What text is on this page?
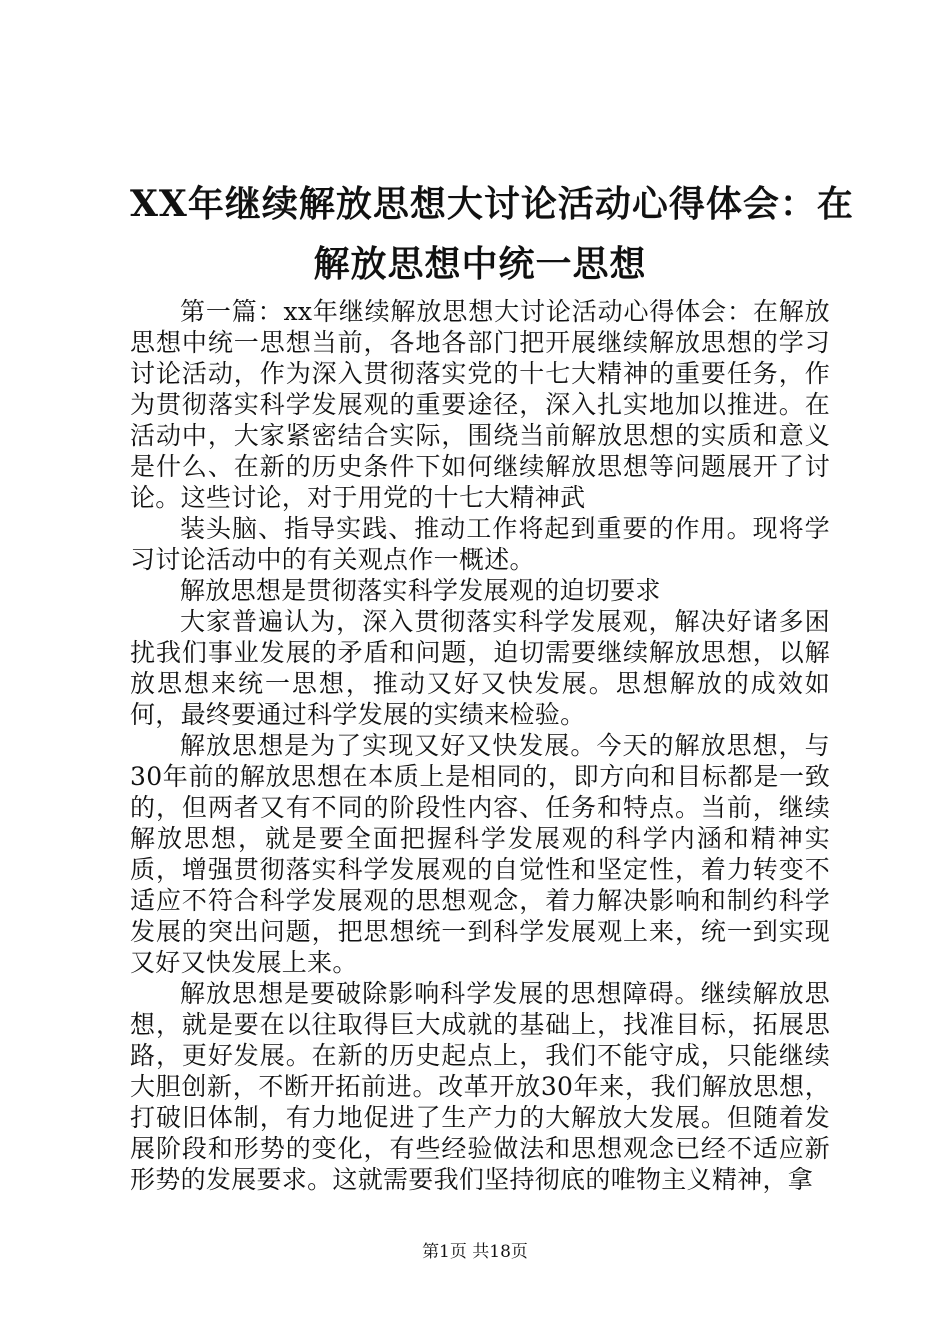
XX年继续解放思想大讨论活动心得体会：在
解放思想中统一思想

第一篇：xx年继续解放思想大讨论活动心得体会：在解放思想中统一思想当前，各地各部门把开展继续解放思想的学习讨论活动，作为深入贯彻落实党的十七大精神的重要任务，作为贯彻落实科学发展观的重要途径，深入扎实地加以推进。在活动中，大家紧密结合实际，围绕当前解放思想的实质和意义是什么、在新的历史条件下如何继续解放思想等问题展开了讨论。这些讨论，对于用党的十七大精神武

装头脑、指导实践、推动工作将起到重要的作用。现将学习讨论活动中的有关观点作一概述。

解放思想是贯彻落实科学发展观的迫切要求

大家普遍认为，深入贯彻落实科学发展观，解决好诸多困扰我们事业发展的矛盾和问题，迫切需要继续解放思想，以解放思想来统一思想，推动又好又快发展。思想解放的成效如何，最终要通过科学发展的实绩来检验。

解放思想是为了实现又好又快发展。今天的解放思想，与30年前的解放思想在本质上是相同的，即方向和目标都是一致的，但两者又有不同的阶段性内容、任务和特点。当前，继续解放思想，就是要全面把握科学发展观的科学内涵和精神实质，增强贯彻落实科学发展观的自觉性和坚定性，着力转变不适应不符合科学发展观的思想观念，着力解决影响和制约科学发展的突出问题，把思想统一到科学发展观上来，统一到实现又好又快发展上来。

解放思想是要破除影响科学发展的思想障碍。继续解放思想，就是要在以往取得巨大成就的基础上，找准目标，拓展思路，更好发展。在新的历史起点上，我们不能守成，只能继续大胆创新，不断开拓前进。改革开放30年来，我们解放思想，打破旧体制，有力地促进了生产力的大解放大发展。但随着发展阶段和形势的变化，有些经验做法和思想观念已经不适应新形势的发展要求。这就需要我们坚持彻底的唯物主义精神，拿

第1页 共18页
